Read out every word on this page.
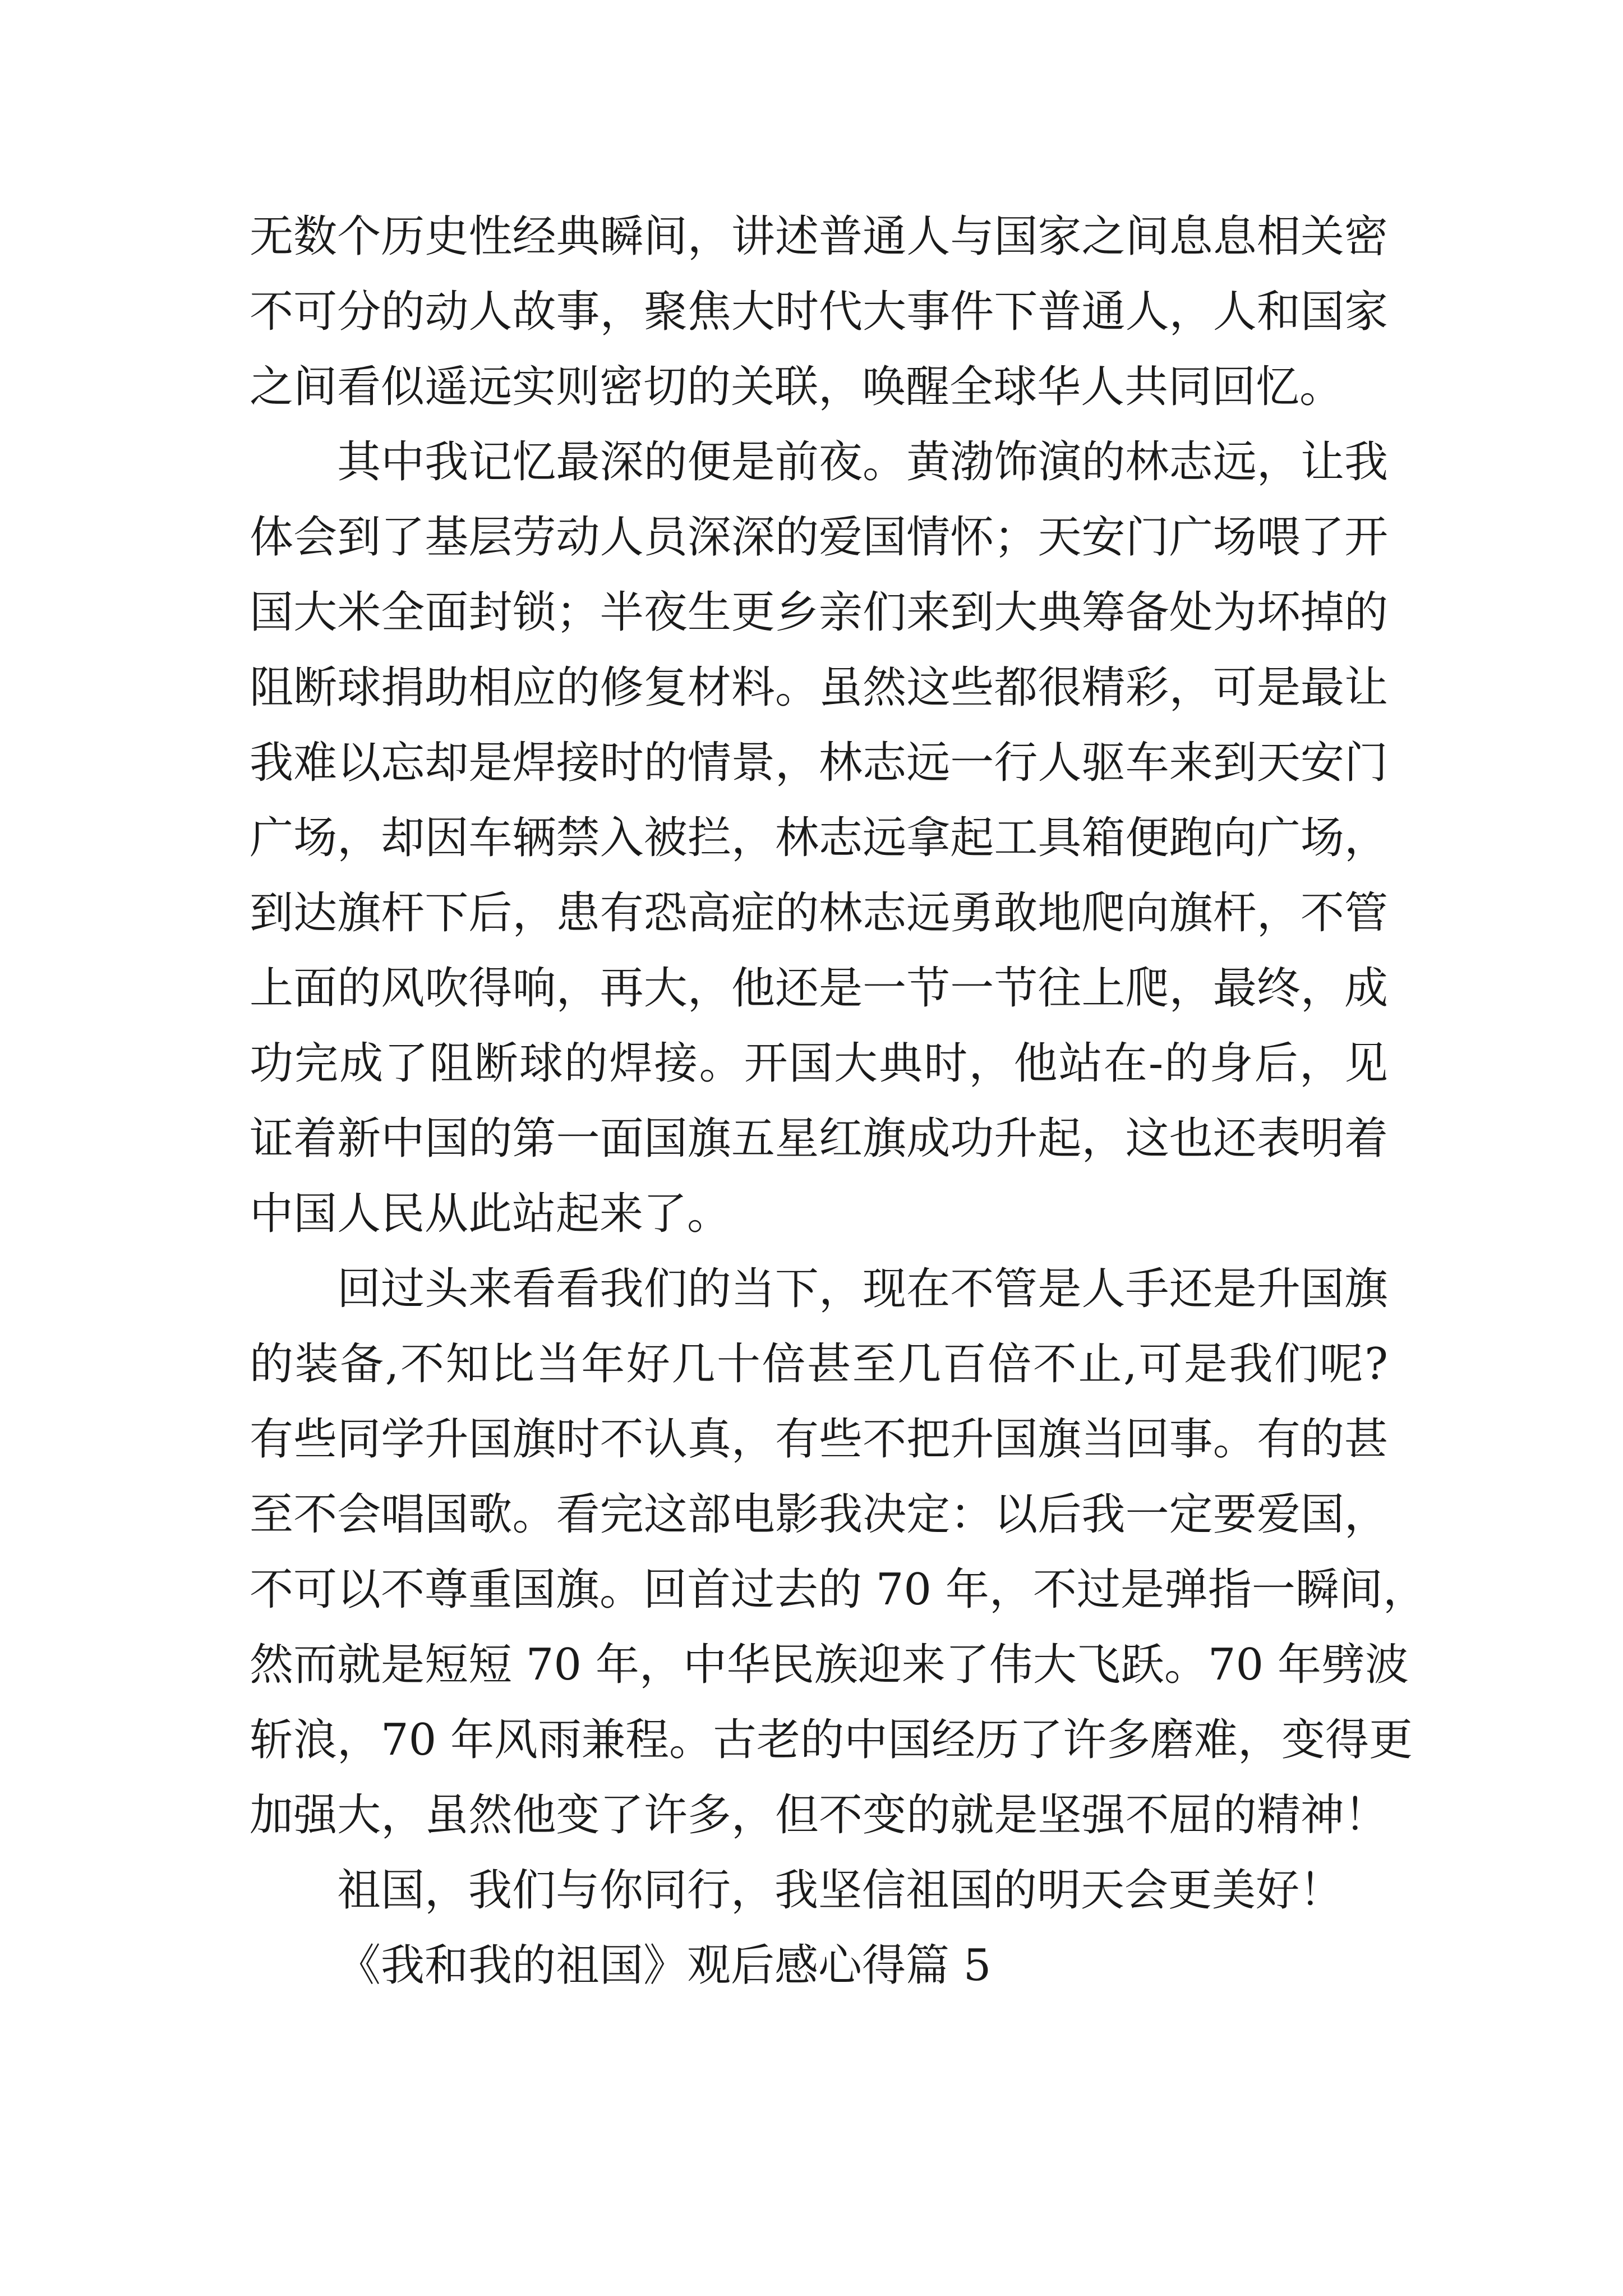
无数个历史性经典瞬间，讲述普通人与国家之间息息相关密
不可分的动人故事，聚焦大时代大事件下普通人，人和国家
之间看似遥远实则密切的关联，唤醒全球华人共同回忆。
其中我记忆最深的便是前夜。黄渤饰演的林志远，让我
体会到了基层劳动人员深深的爱国情怀；天安门广场喂了开
国大米全面封锁；半夜生更乡亲们来到大典筹备处为坏掉的
阻断球捐助相应的修复材料。虽然这些都很精彩，可是最让
我难以忘却是焊接时的情景，林志远一行人驱车来到天安门
广场，却因车辆禁入被拦，林志远拿起工具箱便跑向广场，
到达旗杆下后，患有恐高症的林志远勇敢地爬向旗杆，不管
上面的风吹得响，再大，他还是一节一节往上爬，最终，成
功完成了阻断球的焊接。开国大典时，他站在-的身后，见
证着新中国的第一面国旗五星红旗成功升起，这也还表明着
中国人民从此站起来了。
回过头来看看我们的当下，现在不管是人手还是升国旗
的装备,不知比当年好几十倍甚至几百倍不止,可是我们呢?
有些同学升国旗时不认真，有些不把升国旗当回事。有的甚
至不会唱国歌。看完这部电影我决定：以后我一定要爱国，
不可以不尊重国旗。回首过去的 70 年，不过是弹指一瞬间，
然而就是短短 70 年，中华民族迎来了伟大飞跃。70 年劈波
斩浪，70 年风雨兼程。古老的中国经历了许多磨难，变得更
加强大，虽然他变了许多，但不变的就是坚强不屈的精神！
祖国，我们与你同行，我坚信祖国的明天会更美好！
《我和我的祖国》观后感心得篇 5
